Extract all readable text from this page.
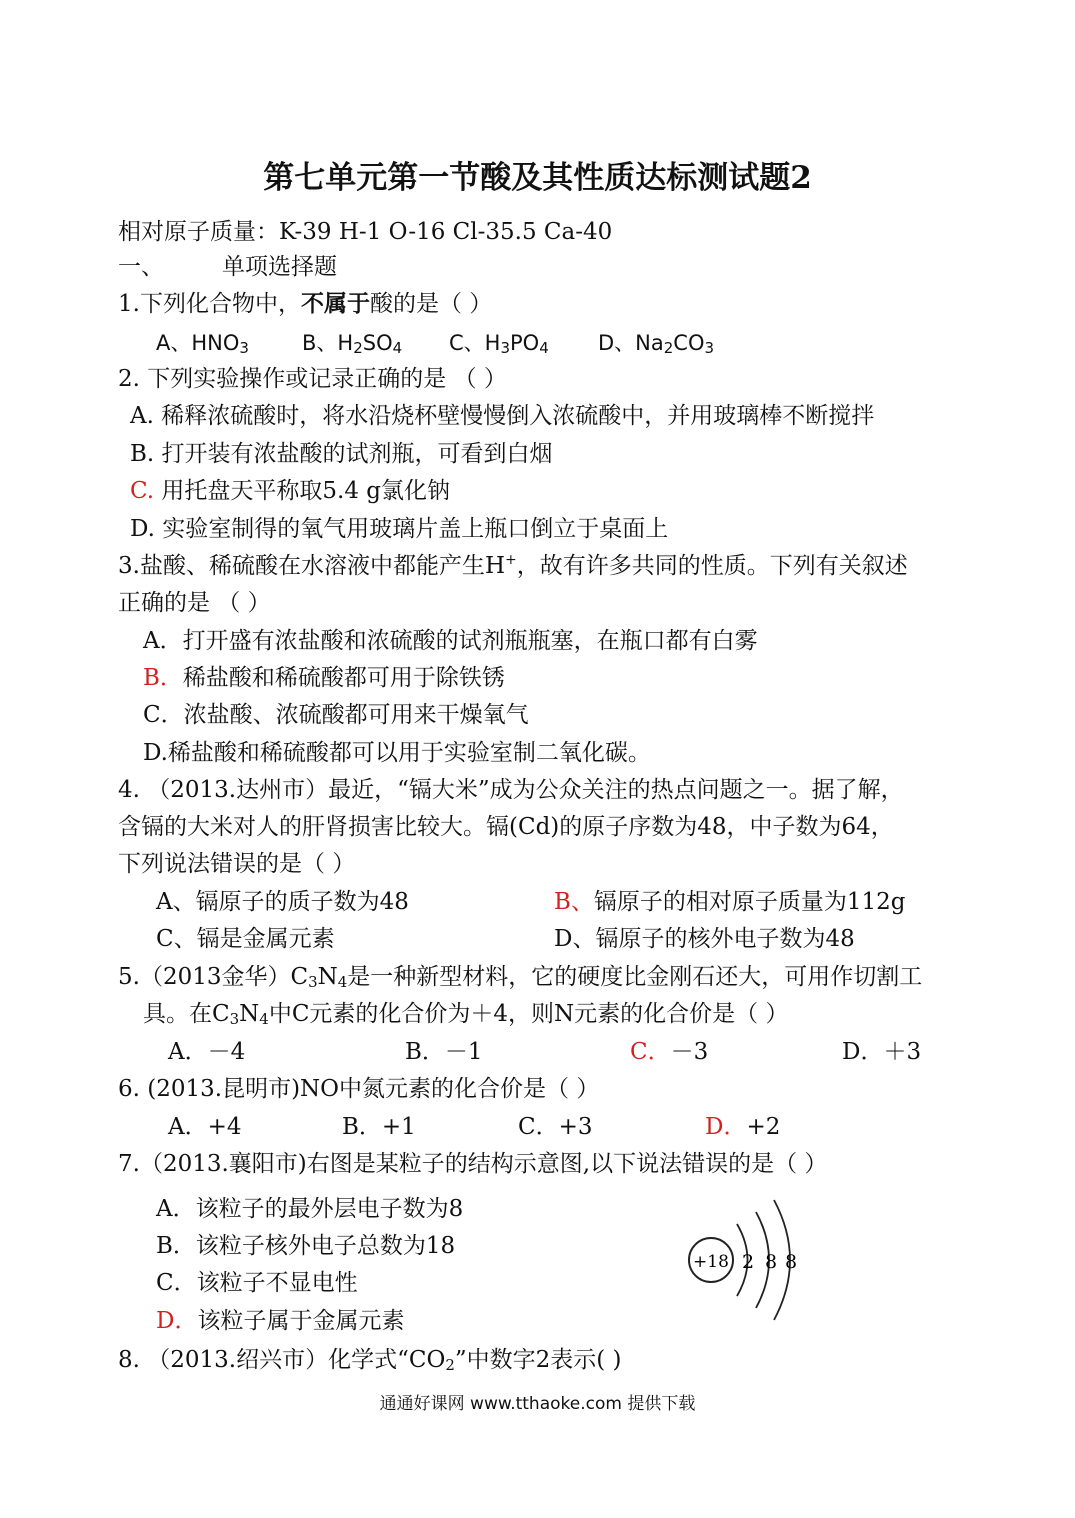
第七单元第一节酸及其性质达标测试题2
相对原子质量：K-39 H-1 O-16 Cl-35.5 Ca-40
一、	单项选择题
1.下列化合物中，不属于酸的是（ ）
A、$HNO_3$	B、$H_2SO_4$ C、$H_3PO_4$ D、$Na_2CO_3$
2. 下列实验操作或记录正确的是 （ ）
A. 稀释浓硫酸时，将水沿烧杯壁慢慢倒入浓硫酸中，并用玻璃棒不断搅拌
B. 打开装有浓盐酸的试剂瓶，可看到白烟
C. 用托盘天平称取5.4 g氯化钠
D. 实验室制得的氧气用玻璃片盖上瓶口倒立于桌面上
3.盐酸、稀硫酸在水溶液中都能产生H+，故有许多共同的性质。下列有关叙述
正确的是 （ ）
A．打开盛有浓盐酸和浓硫酸的试剂瓶瓶塞，在瓶口都有白雾
B．稀盐酸和稀硫酸都可用于除铁锈
C．浓盐酸、浓硫酸都可用来干燥氧气
D.稀盐酸和稀硫酸都可以用于实验室制二氧化碳。
4. （2013.达州市）最近，“镉大米”成为公众关注的热点问题之一。据了解，
含镉的大米对人的肝肾损害比较大。镉(Cd)的原子序数为48，中子数为64，
下列说法错误的是（ ）
A、镉原子的质子数为48	B、镉原子的相对原子质量为112g
C、镉是金属元素	D、镉原子的核外电子数为48
5.（2013金华）$C_3N_4$是一种新型材料，它的硬度比金刚石还大，可用作切割工
具。在$C_3N_4$中C元素的化合价为＋4，则N元素的化合价是（ ）
A．－4	B．－1	C．－3	D．＋3
6. (2013.昆明市)NO中氮元素的化合价是（ ）
A．+4	B．+1	C．+3	D．+2
7.（2013.襄阳市)右图是某粒子的结构示意图,以下说法错误的是（ ）
A．该粒子的最外层电子数为8
B．该粒子核外电子总数为18
C．该粒子不显电性
D．该粒子属于金属元素
+18 2 8 8
8. （2013.绍兴市）化学式“$CO_2$”中数字2表示( )
通通好课网 www.tthaoke.com 提供下载
